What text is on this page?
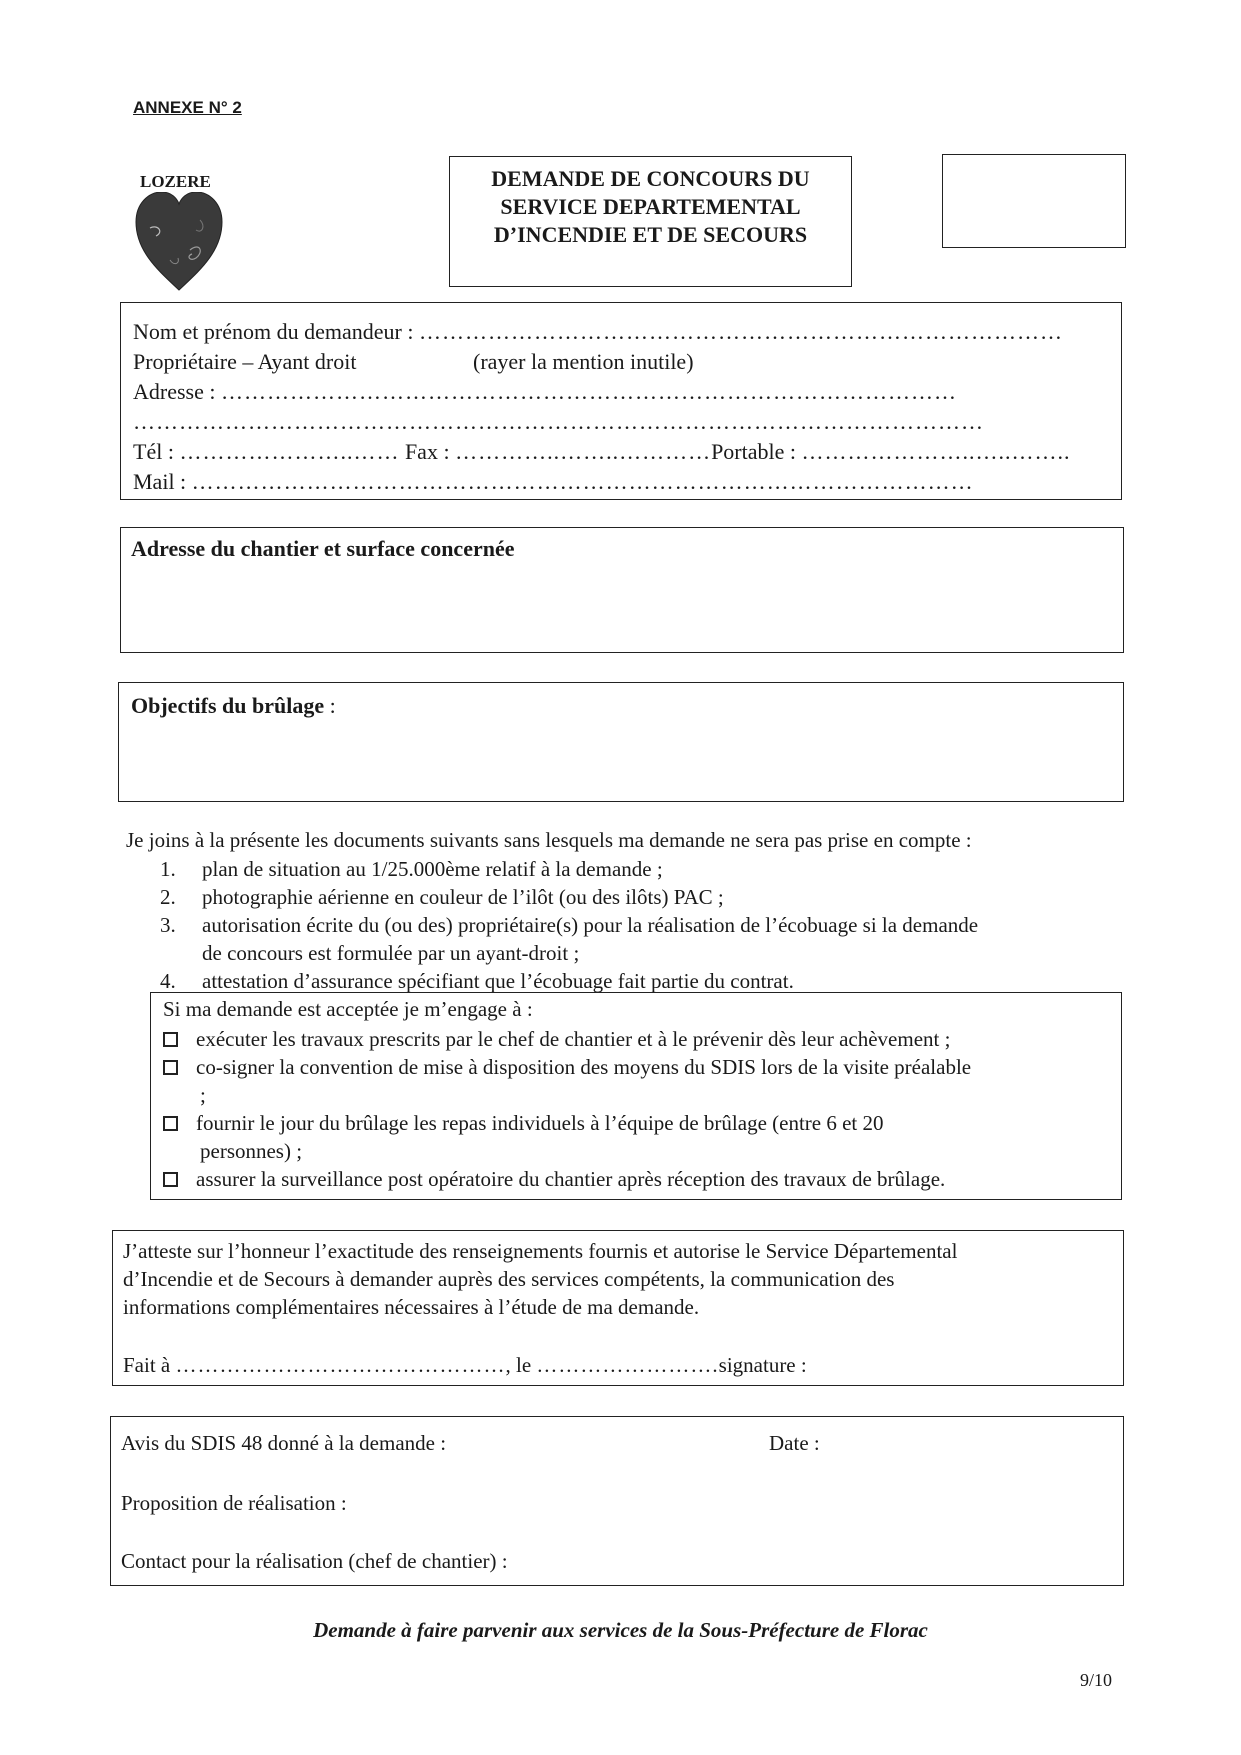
ANNEXE N° 2
LOZERE	DEMANDE DE CONCOURS DU
SERVICE DEPARTEMENTAL
D’INCENDIE ET DE SECOURS
Nom et prénom du demandeur : …………………………………………………………………………
Propriétaire – Ayant droit	(rayer la mention inutile)
Adresse : ……………………………………………………………………………………
…………………………………………………………………………………………………
Tél : …………………..…… Fax : …………..……..…………Portable : …………………..…..……..
Mail : …………………………………………………………………………………………
Adresse du chantier et surface concernée
Objectifs du brûlage :
Je joins à la présente les documents suivants sans lesquels ma demande ne sera pas prise en compte :
1.	plan de situation au 1/25.000ème relatif à la demande ;
2.	photographie aérienne en couleur de l’ilôt (ou des ilôts) PAC ;
3.	autorisation écrite du (ou des) propriétaire(s) pour la réalisation de l’écobuage si la demande
de concours est formulée par un ayant-droit ;
4.	attestation d’assurance spécifiant que l’écobuage fait partie du contrat.
Si ma demande est acceptée je m’engage à :
exécuter les travaux prescrits par le chef de chantier et à le prévenir dès leur achèvement ;
co-signer la convention de mise à disposition des moyens du SDIS lors de la visite préalable
;
fournir le jour du brûlage les repas individuels à l’équipe de brûlage (entre 6 et 20
personnes) ;
assurer la surveillance post opératoire du chantier après réception des travaux de brûlage.
J’atteste sur l’honneur l’exactitude des renseignements fournis et autorise le Service Départemental
d’Incendie et de Secours à demander auprès des services compétents, la communication des
informations complémentaires nécessaires à l’étude de ma demande.
Fait à ………………………………………, le …………………….signature :
Avis du SDIS 48 donné à la demande :	Date :
Proposition de réalisation :
Contact pour la réalisation (chef de chantier) :
Demande à faire parvenir aux services de la Sous-Préfecture de Florac
9/10
